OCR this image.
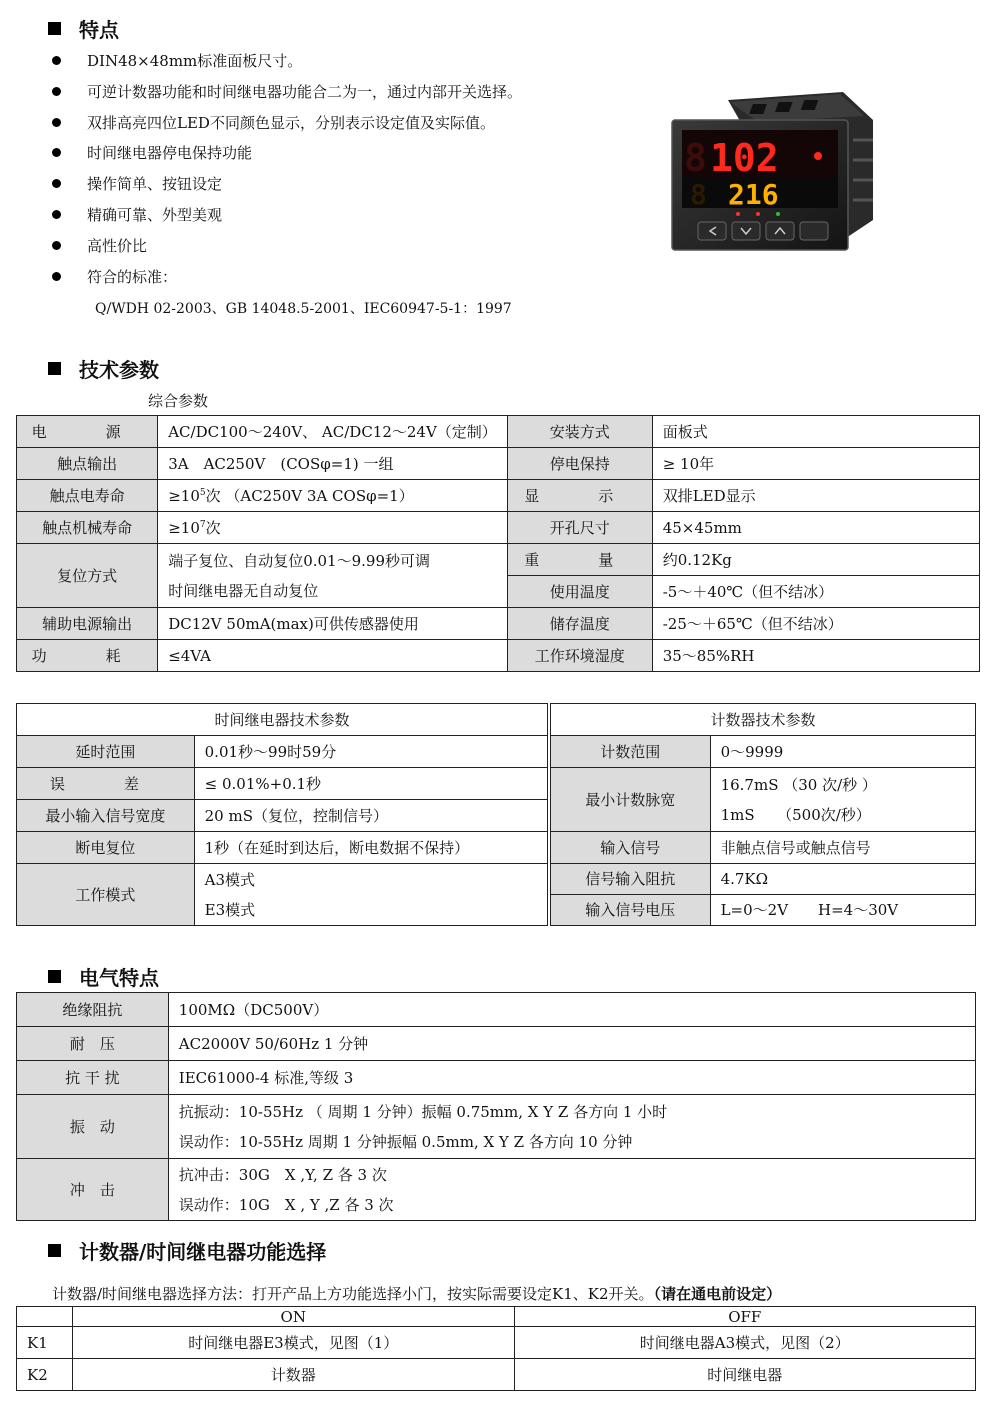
特点
DIN48×48mm标准面板尺寸。
可逆计数器功能和时间继电器功能合二为一，通过内部开关选择。
双排高亮四位LED不同颜色显示，分别表示设定值及实际值。
时间继电器停电保持功能
操作简单、按钮设定
精确可靠、外型美观
高性价比
符合的标准：
Q/WDH 02-2003、GB 14048.5-2001、IEC60947-5-1：1997
102
8
216
8
技术参数
综合参数
电　源	AC/DC100～240V、 AC/DC12～24V（定制）	安装方式	面板式
触点输出	3A　AC250V　(COSφ=1) 一组	停电保持	≥ 10年
触点电寿命	$\ge 10^5$次 （AC250V 3A COSφ=1）	显　示	双排LED显示
触点机械寿命	$\ge 10^7$次	开孔尺寸	45×45mm
复位方式	端子复位、自动复位0.01～9.99秒可调
时间继电器无自动复位	重　量	约0.12Kg
		使用温度	-5～＋40℃（但不结冰）
辅助电源输出	DC12V 50mA(max)可供传感器使用	储存温度	-25～＋65℃（但不结冰）
功　耗	≤4VA	工作环境湿度	35～85%RH
时间继电器技术参数	
延时范围	0.01秒～99时59分
误　差	≤ 0.01%+0.1秒
最小输入信号宽度	20 mS（复位，控制信号）
断电复位	1秒（在延时到达后，断电数据不保持）
工作模式	A3模式
E3模式
计数器技术参数	
计数范围	0～9999
最小计数脉宽	16.7mS （30 次/秒 ）
1mS　　（500次/秒）

输入信号	非触点信号或触点信号
信号输入阻抗	4.7KΩ
输入信号电压	L=0～2V　　H=4～30V
电气特点
绝缘阻抗	100MΩ（DC500V）
耐　压	AC2000V 50/60Hz 1 分钟
抗 干 扰	IEC61000-4 标准,等级 3
振　动	抗振动：10-55Hz （ 周期 1 分钟）振幅 0.75mm, X Y Z 各方向 1 小时
误动作：10-55Hz 周期 1 分钟振幅 0.5mm, X Y Z 各方向 10 分钟

冲　击	抗冲击：30G　X ,Y, Z 各 3 次
误动作：10G　X , Y ,Z 各 3 次
计数器/时间继电器功能选择
计数器/时间继电器选择方法：打开产品上方功能选择小门，按实际需要设定K1、K2开关。（请在通电前设定）
	ON	OFF
K1	时间继电器E3模式，见图（1）	时间继电器A3模式，见图（2）
K2	计数器	时间继电器
